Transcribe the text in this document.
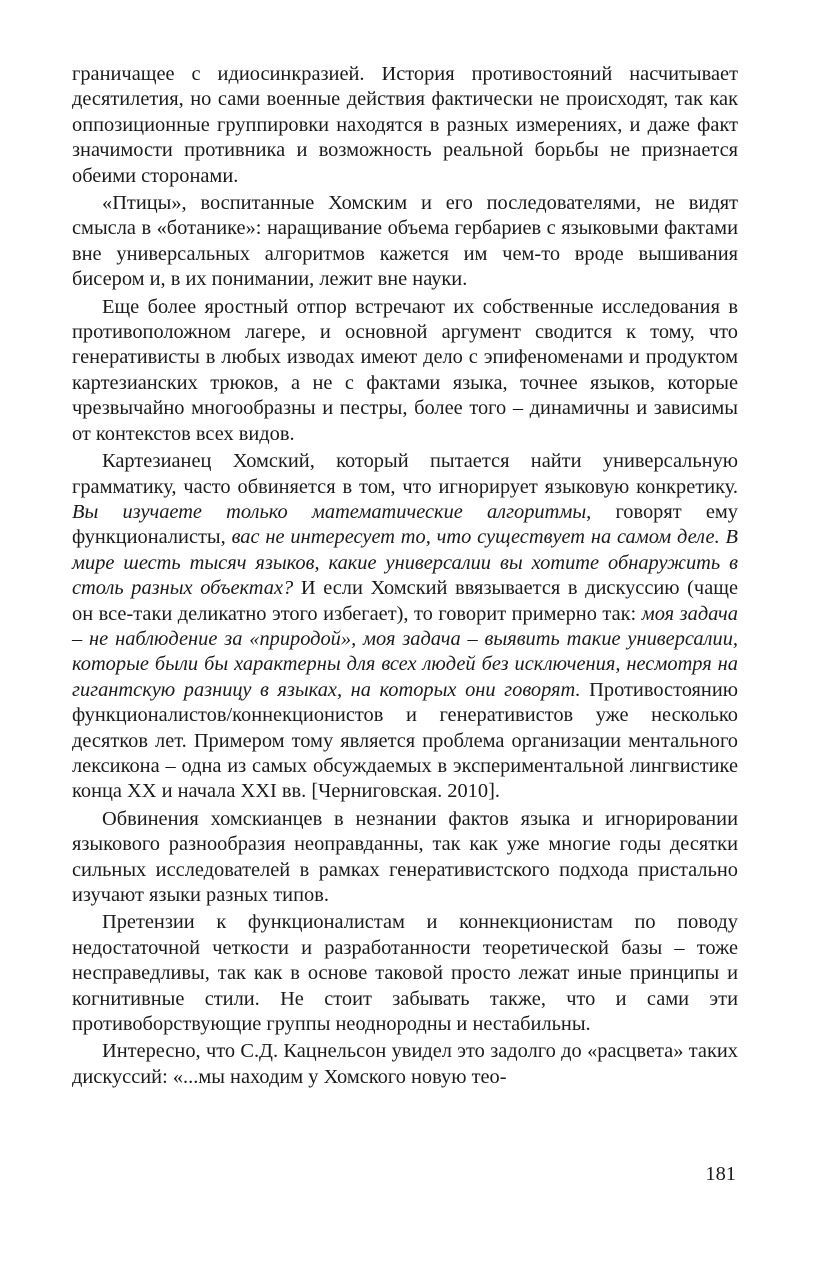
граничащее с идиосинкразией. История противостояний насчитывает десятилетия, но сами военные действия фактически не происходят, так как оппозиционные группировки находятся в разных измерениях, и даже факт значимости противника и возможность реальной борьбы не признается обеими сторонами.

«Птицы», воспитанные Хомским и его последователями, не видят смысла в «ботанике»: наращивание объема гербариев с языковыми фактами вне универсальных алгоритмов кажется им чем-то вроде вышивания бисером и, в их понимании, лежит вне науки.

Еще более яростный отпор встречают их собственные исследования в противоположном лагере, и основной аргумент сводится к тому, что генеративисты в любых изводах имеют дело с эпифеноменами и продуктом картезианских трюков, а не с фактами языка, точнее языков, которые чрезвычайно многообразны и пестры, более того – динамичны и зависимы от контекстов всех видов.

Картезианец Хомский, который пытается найти универсальную грамматику, часто обвиняется в том, что игнорирует языковую конкретику. Вы изучаете только математические алгоритмы, говорят ему функционалисты, вас не интересует то, что существует на самом деле. В мире шесть тысяч языков, какие универсалии вы хотите обнаружить в столь разных объектах? И если Хомский ввязывается в дискуссию (чаще он все-таки деликатно этого избегает), то говорит примерно так: моя задача – не наблюдение за «природой», моя задача – выявить такие универсалии, которые были бы характерны для всех людей без исключения, несмотря на гигантскую разницу в языках, на которых они говорят. Противостоянию функционалистов/коннекционистов и генеративистов уже несколько десятков лет. Примером тому является проблема организации ментального лексикона – одна из самых обсуждаемых в экспериментальной лингвистике конца XX и начала XXI вв. [Черниговская. 2010].

Обвинения хомскианцев в незнании фактов языка и игнорировании языкового разнообразия неоправданны, так как уже многие годы десятки сильных исследователей в рамках генеративистского подхода пристально изучают языки разных типов.

Претензии к функционалистам и коннекционистам по поводу недостаточной четкости и разработанности теоретической базы – тоже несправедливы, так как в основе таковой просто лежат иные принципы и когнитивные стили. Не стоит забывать также, что и сами эти противоборствующие группы неоднородны и нестабильны.

Интересно, что С.Д. Кацнельсон увидел это задолго до «расцвета» таких дискуссий: «...мы находим у Хомского новую тео-

181
